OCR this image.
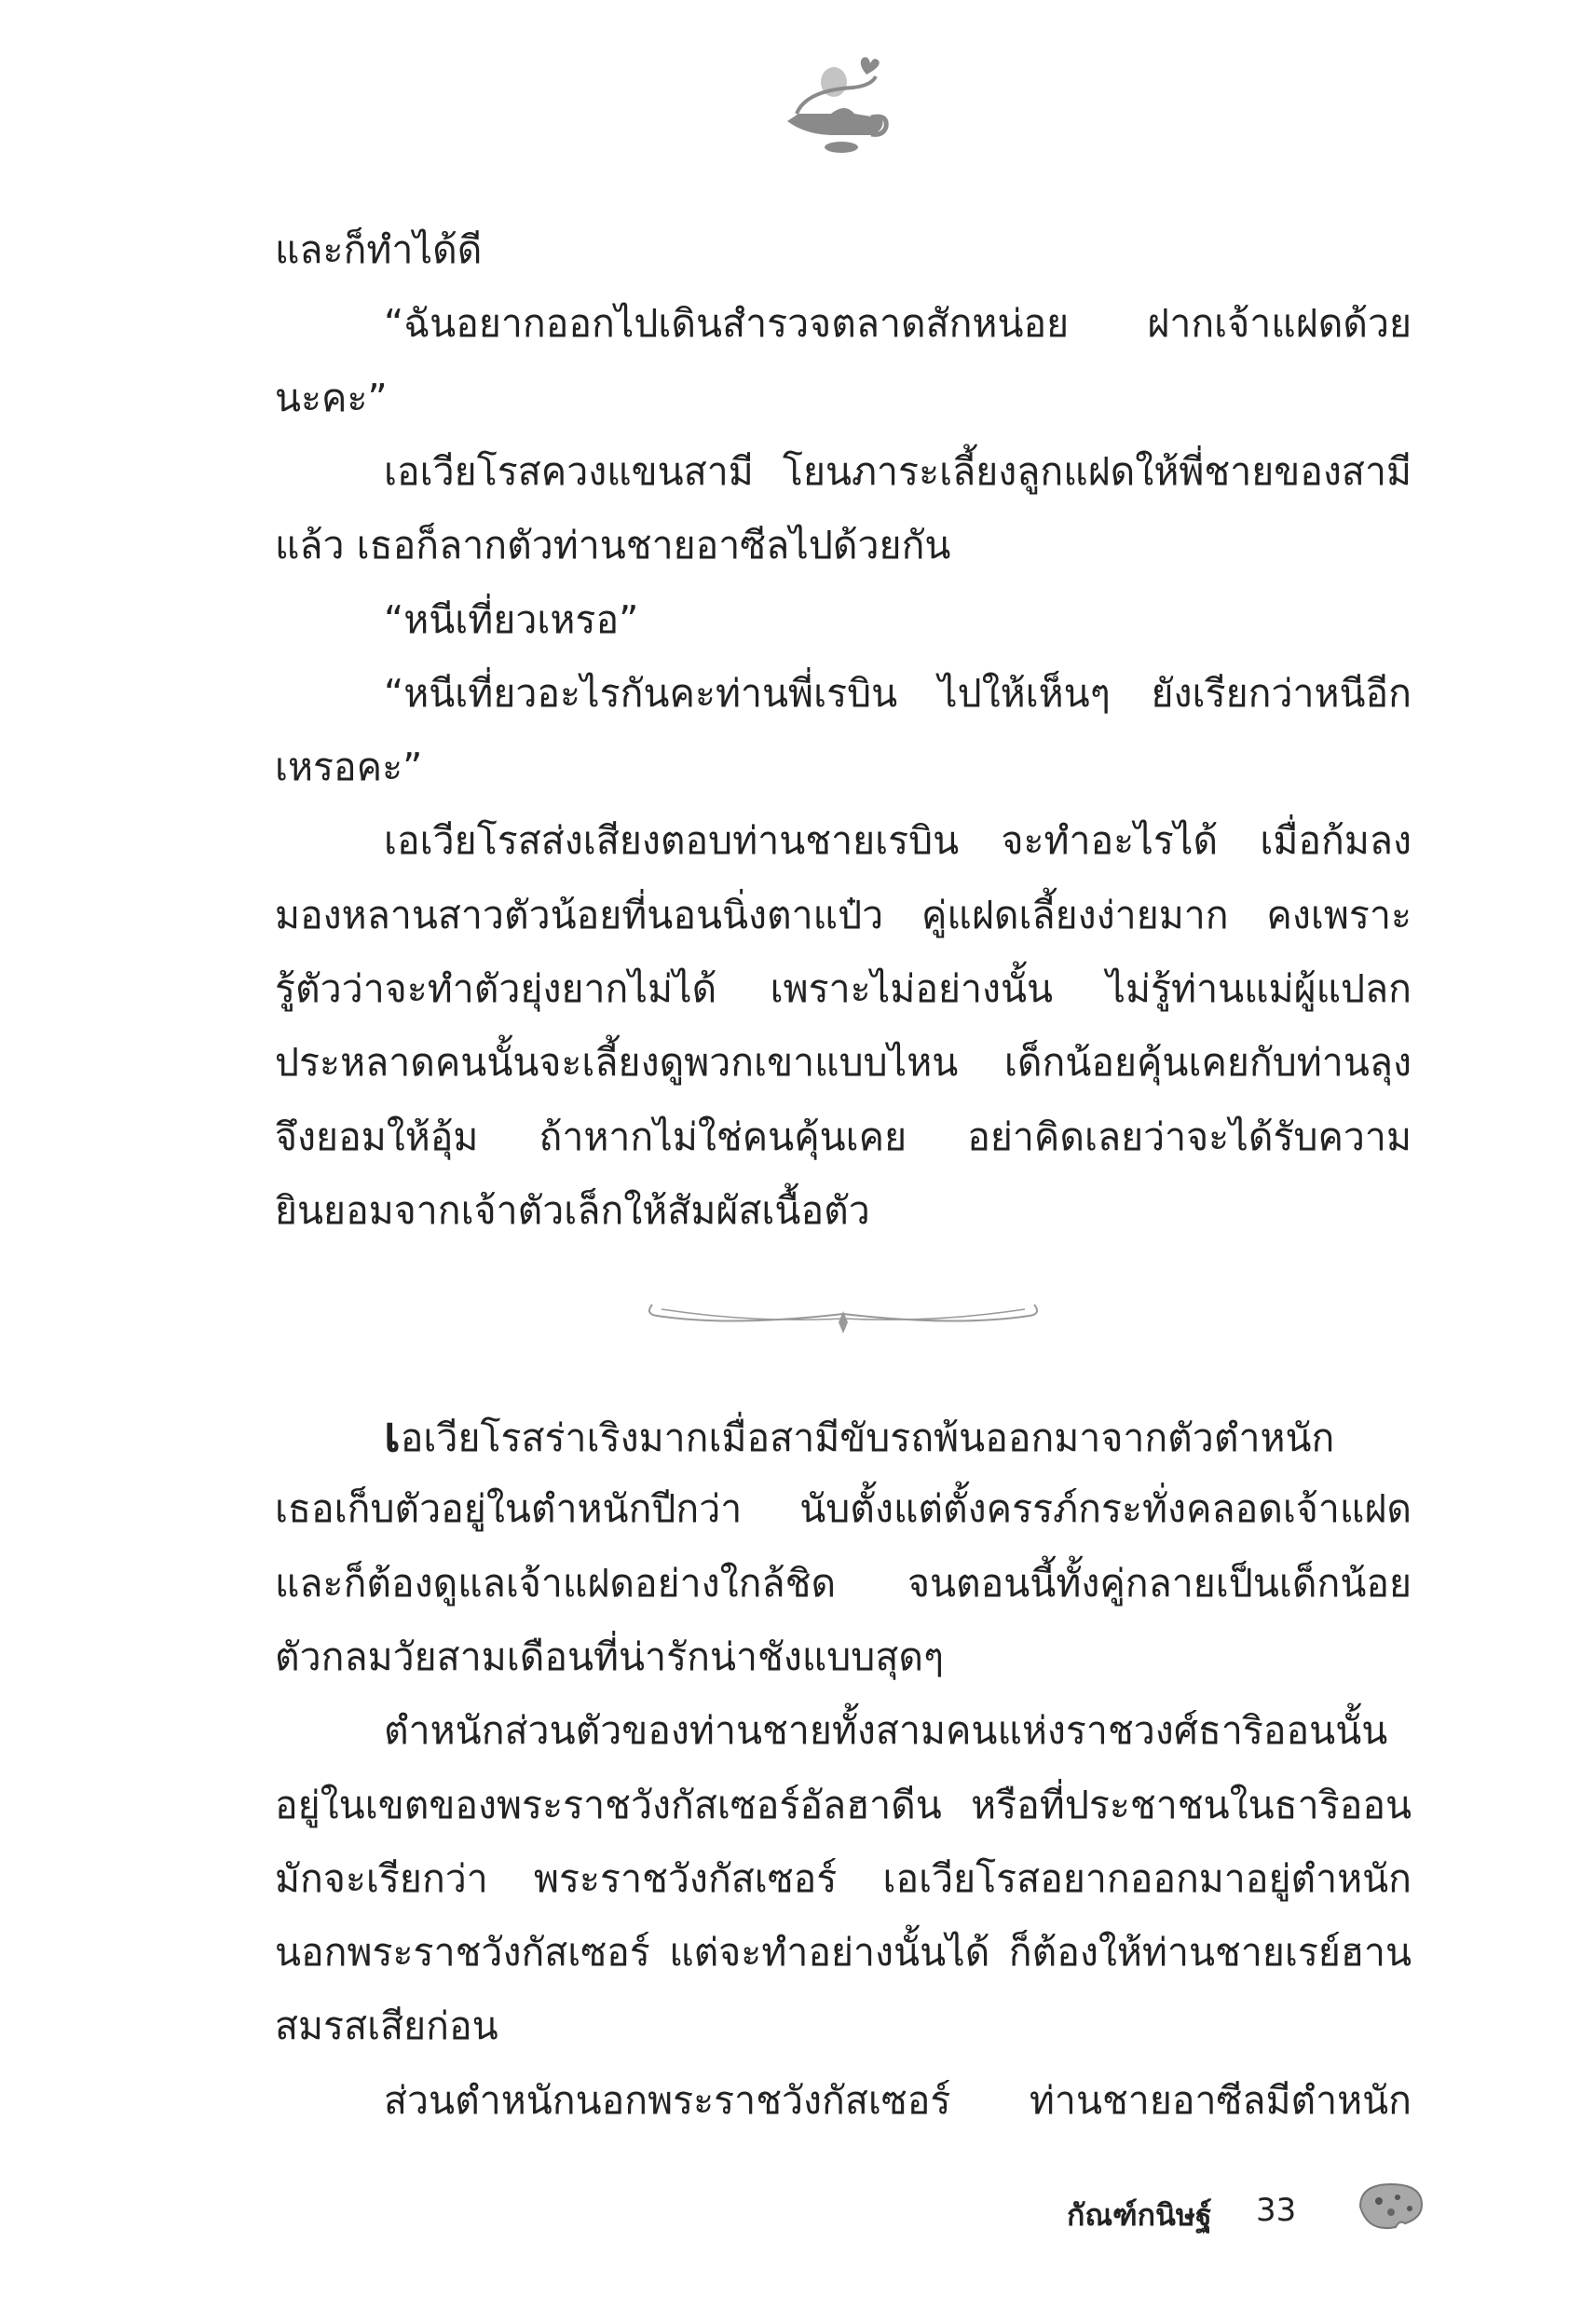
และก็ทำได้ดี
“ฉันอยากออกไปเดินสำรวจตลาดสักหน่อย ฝากเจ้าแฝดด้วย
นะคะ”
เอเวียโรสควงแขนสามี โยนภาระเลี้ยงลูกแฝดให้พี่ชายของสามี
แล้ว เธอก็ลากตัวท่านชายอาซีลไปด้วยกัน
“หนีเที่ยวเหรอ”
“หนีเที่ยวอะไรกันคะท่านพี่เรบิน ไปให้เห็นๆ ยังเรียกว่าหนีอีก
เหรอคะ”
เอเวียโรสส่งเสียงตอบท่านชายเรบิน จะทำอะไรได้ เมื่อก้มลง
มองหลานสาวตัวน้อยที่นอนนิ่งตาแป๋ว คู่แฝดเลี้ยงง่ายมาก คงเพราะ
รู้ตัวว่าจะทำตัวยุ่งยากไม่ได้ เพราะไม่อย่างนั้น ไม่รู้ท่านแม่ผู้แปลก
ประหลาดคนนั้นจะเลี้ยงดูพวกเขาแบบไหน เด็กน้อยคุ้นเคยกับท่านลุง
จึงยอมให้อุ้ม ถ้าหากไม่ใช่คนคุ้นเคย อย่าคิดเลยว่าจะได้รับความ
ยินยอมจากเจ้าตัวเล็กให้สัมผัสเนื้อตัว
เอเวียโรสร่าเริงมากเมื่อสามีขับรถพ้นออกมาจากตัวตำหนัก
เธอเก็บตัวอยู่ในตำหนักปีกว่า นับตั้งแต่ตั้งครรภ์กระทั่งคลอดเจ้าแฝด
และก็ต้องดูแลเจ้าแฝดอย่างใกล้ชิด จนตอนนี้ทั้งคู่กลายเป็นเด็กน้อย
ตัวกลมวัยสามเดือนที่น่ารักน่าชังแบบสุดๆ
ตำหนักส่วนตัวของท่านชายทั้งสามคนแห่งราชวงศ์ธาริออนนั้น
อยู่ในเขตของพระราชวังกัสเซอร์อัลฮาดีน หรือที่ประชาชนในธาริออน
มักจะเรียกว่า พระราชวังกัสเซอร์ เอเวียโรสอยากออกมาอยู่ตำหนัก
นอกพระราชวังกัสเซอร์ แต่จะทำอย่างนั้นได้ ก็ต้องให้ท่านชายเรย์ฮาน
สมรสเสียก่อน
ส่วนตำหนักนอกพระราชวังกัสเซอร์ ท่านชายอาซีลมีตำหนัก
กัณฑ์กนิษฐ์ 33
